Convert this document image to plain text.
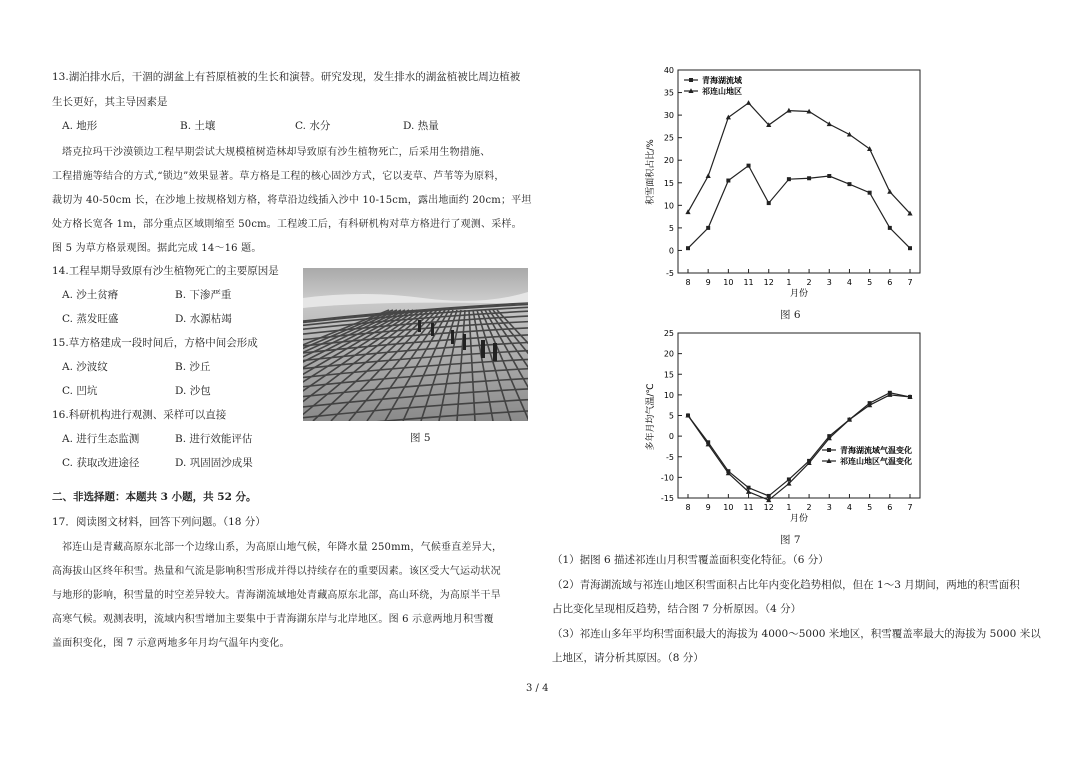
13.湖泊排水后，干涸的湖盆上有苔原植被的生长和演替。研究发现，发生排水的湖盆植被比周边植被
生长更好，其主导因素是
A. 地形	B. 土壤	C. 水分	D. 热量
塔克拉玛干沙漠锁边工程早期尝试大规模植树造林却导致原有沙生植物死亡，后采用生物措施、
工程措施等结合的方式,“锁边”效果显著。草方格是工程的核心固沙方式，它以麦草、芦苇等为原料，
裁切为 40-50cm 长，在沙地上按规格划方格，将草沿边线插入沙中 10-15cm，露出地面约 20cm；平坦
处方格长宽各 1m，部分重点区域則缩至 50cm。工程竣工后，有科研机构对草方格进行了观测、采样。
图 5 为草方格景观图。据此完成 14～16 题。
14.工程早期导致原有沙生植物死亡的主要原因是
A. 沙土贫瘠	B. 下渗严重
C. 蒸发旺盛	D. 水源枯竭
15.草方格建成一段时间后，方格中间会形成
A. 沙波纹	B. 沙丘
C. 凹坑	D. 沙包
16.科研机构进行观测、采样可以直接
A. 进行生态监测	B. 进行效能评估
C. 获取改进途径	D. 巩固固沙成果
图 5
二、非选择题：本题共 3 小题，共 52 分。
17．阅读图文材料，回答下列问题。（18 分）
祁连山是青藏高原东北部一个边缘山系，为高原山地气候，年降水量 250mm，气候垂直差异大，
高海拔山区终年积雪。热量和气流是影响积雪形成并得以持续存在的重要因素。该区受大气运动状况
与地形的影响，积雪量的时空差异较大。青海湖流域地处青藏高原东北部，高山环绕，为高原半干旱
高寒气候。观测表明，流域内积雪增加主要集中于青海湖东岸与北岸地区。图 6 示意两地月积雪覆
盖面积变化，图 7 示意两地多年月均气温年内变化。
-5
0
5
10
15
20
25
30
35
40
8 9 10 11 12 1 2 3 4 5 6 7
青海湖流域
祁连山地区
积雪面积占比/%
月份
图 6
-15
-10
-5
0
5
10
15
20
25
8 9 10 11 12 1 2 3 4 5 6 7
青海湖流域气温变化
祁连山地区气温变化
多年月均气温/℃
月份
图 7
（1）据图 6 描述祁连山月积雪覆盖面积变化特征。（6 分）
（2）青海湖流域与祁连山地区积雪面积占比年内变化趋势相似，但在 1～3 月期间，两地的积雪面积
占比变化呈现相反趋势，结合图 7 分析原因。（4 分）
（3）祁连山多年平均积雪面积最大的海拔为 4000～5000 米地区，积雪覆盖率最大的海拔为 5000 米以
上地区，请分析其原因。（8 分）
3 / 4
